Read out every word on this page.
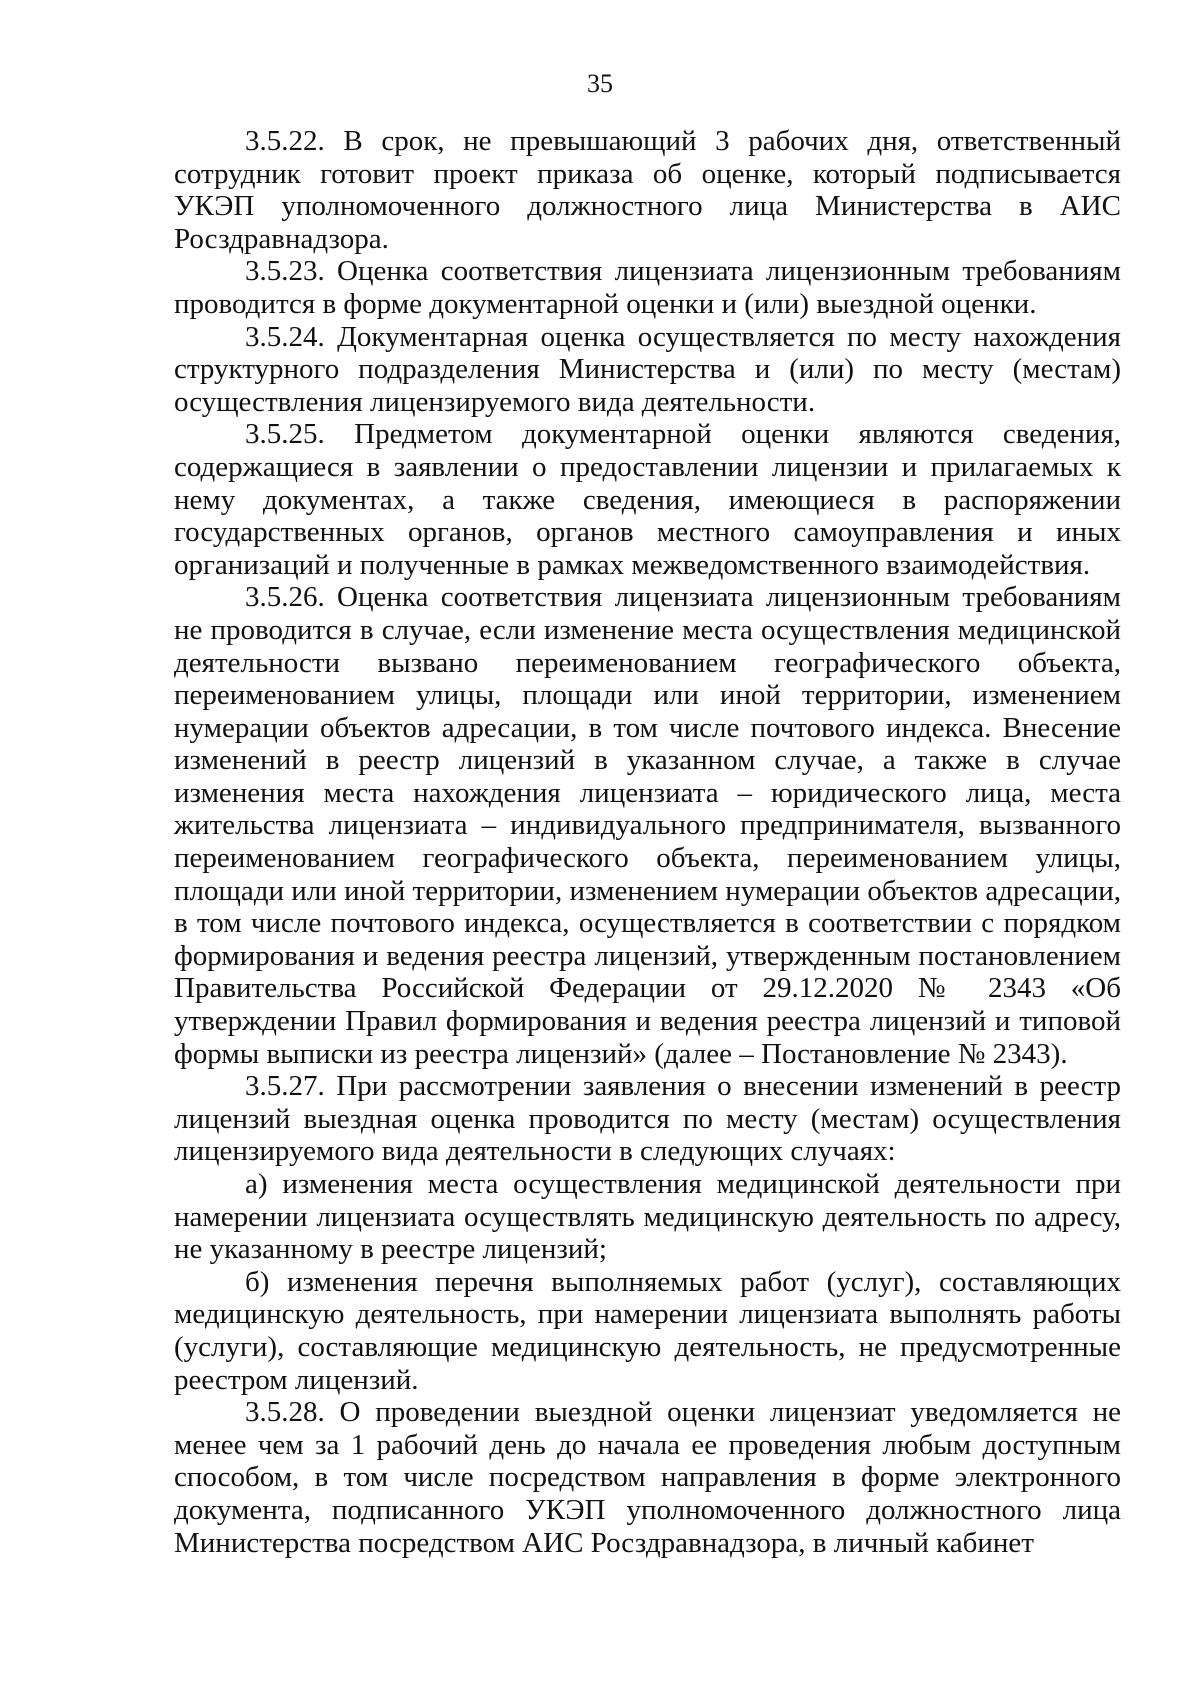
35

3.5.22. В срок, не превышающий 3 рабочих дня, ответственный сотрудник готовит проект приказа об оценке, который подписывается УКЭП уполномоченного должностного лица Министерства в АИС Росздравнадзора.

3.5.23. Оценка соответствия лицензиата лицензионным требованиям проводится в форме документарной оценки и (или) выездной оценки.

3.5.24. Документарная оценка осуществляется по месту нахождения структурного подразделения Министерства и (или) по месту (местам) осуществления лицензируемого вида деятельности.

3.5.25. Предметом документарной оценки являются сведения, содержащиеся в заявлении о предоставлении лицензии и прилагаемых к нему документах, а также сведения, имеющиеся в распоряжении государственных органов, органов местного самоуправления и иных организаций и полученные в рамках межведомственного взаимодействия.

3.5.26. Оценка соответствия лицензиата лицензионным требованиям не проводится в случае, если изменение места осуществления медицинской деятельности вызвано переименованием географического объекта, переименованием улицы, площади или иной территории, изменением нумерации объектов адресации, в том числе почтового индекса. Внесение изменений в реестр лицензий в указанном случае, а также в случае изменения места нахождения лицензиата – юридического лица, места жительства лицензиата – индивидуального предпринимателя, вызванного переименованием географического объекта, переименованием улицы, площади или иной территории, изменением нумерации объектов адресации, в том числе почтового индекса, осуществляется в соответствии с порядком формирования и ведения реестра лицензий, утвержденным постановлением Правительства Российской Федерации от 29.12.2020 № 2343 «Об утверждении Правил формирования и ведения реестра лицензий и типовой формы выписки из реестра лицензий» (далее – Постановление № 2343).

3.5.27. При рассмотрении заявления о внесении изменений в реестр лицензий выездная оценка проводится по месту (местам) осуществления лицензируемого вида деятельности в следующих случаях:

а) изменения места осуществления медицинской деятельности при намерении лицензиата осуществлять медицинскую деятельность по адресу, не указанному в реестре лицензий;

б) изменения перечня выполняемых работ (услуг), составляющих медицинскую деятельность, при намерении лицензиата выполнять работы (услуги), составляющие медицинскую деятельность, не предусмотренные реестром лицензий.

3.5.28. О проведении выездной оценки лицензиат уведомляется не менее чем за 1 рабочий день до начала ее проведения любым доступным способом, в том числе посредством направления в форме электронного документа, подписанного УКЭП уполномоченного должностного лица Министерства посредством АИС Росздравнадзора, в личный кабинет
